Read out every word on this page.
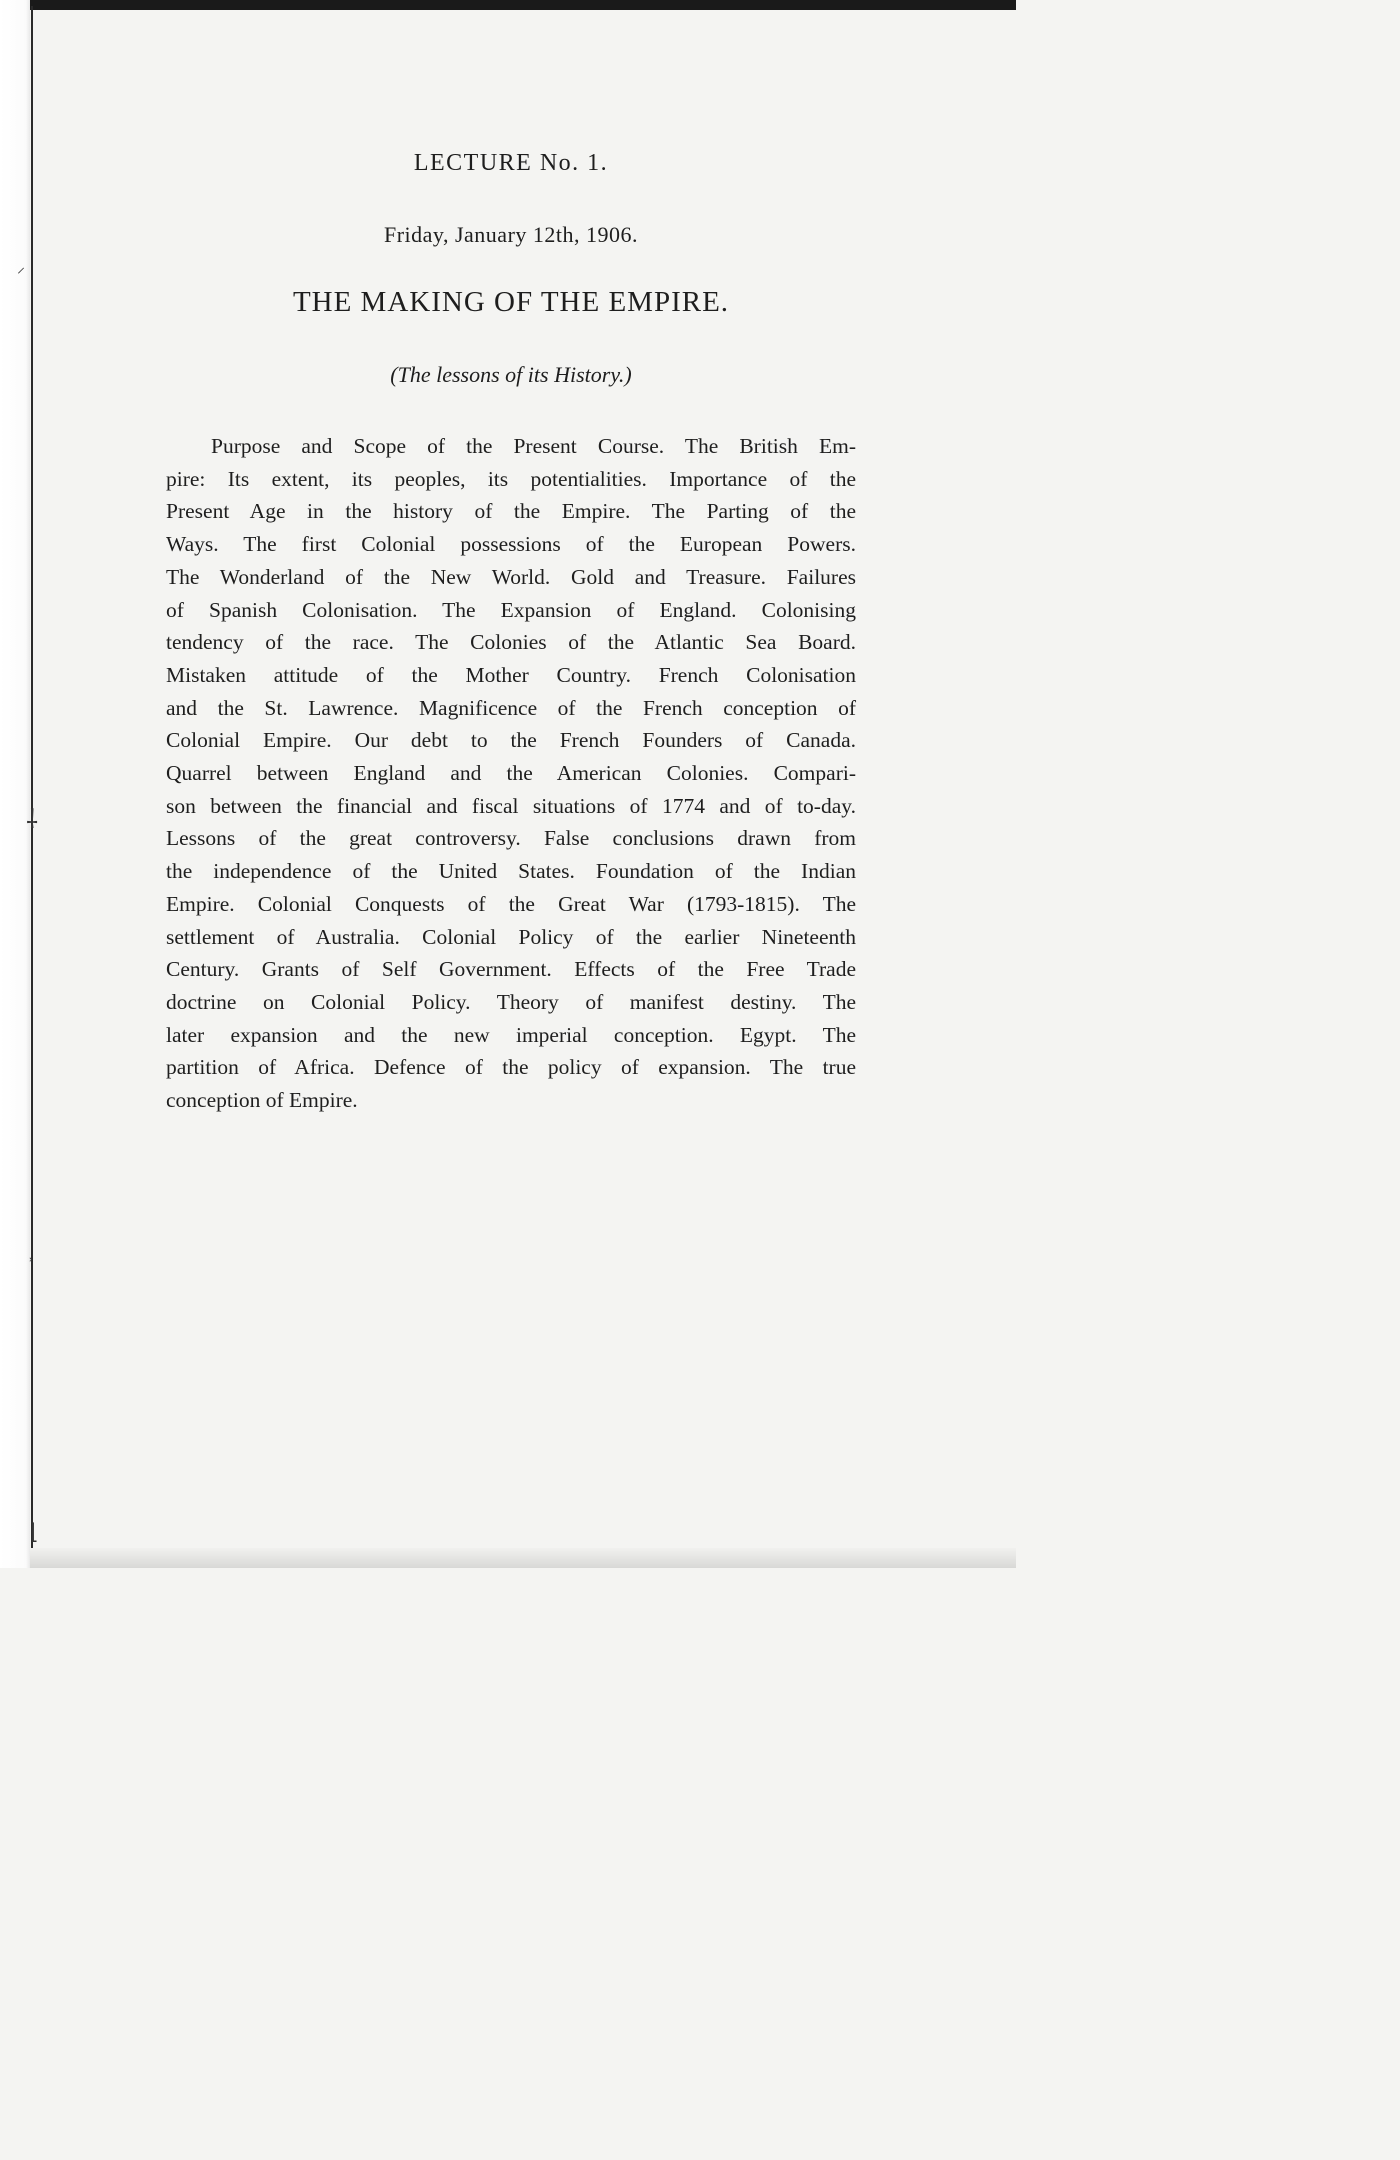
⸍
⸸
˒
⌊
LECTURE No. 1.
Friday, January 12th, 1906.
THE MAKING OF THE EMPIRE.
(The lessons of its History.)
Purpose and Scope of the Present Course. The British Em-
pire: Its extent, its peoples, its potentialities. Importance of the
Present Age in the history of the Empire. The Parting of the
Ways. The first Colonial possessions of the European Powers.
The Wonderland of the New World. Gold and Treasure. Failures
of Spanish Colonisation. The Expansion of England. Colonising
tendency of the race. The Colonies of the Atlantic Sea Board.
Mistaken attitude of the Mother Country. French Colonisation
and the St. Lawrence. Magnificence of the French conception of
Colonial Empire. Our debt to the French Founders of Canada.
Quarrel between England and the American Colonies. Compari-
son between the financial and fiscal situations of 1774 and of to-day.
Lessons of the great controversy. False conclusions drawn from
the independence of the United States. Foundation of the Indian
Empire. Colonial Conquests of the Great War (1793-1815). The
settlement of Australia. Colonial Policy of the earlier Nineteenth
Century. Grants of Self Government. Effects of the Free Trade
doctrine on Colonial Policy. Theory of manifest destiny. The
later expansion and the new imperial conception. Egypt. The
partition of Africa. Defence of the policy of expansion. The true
conception of Empire.
